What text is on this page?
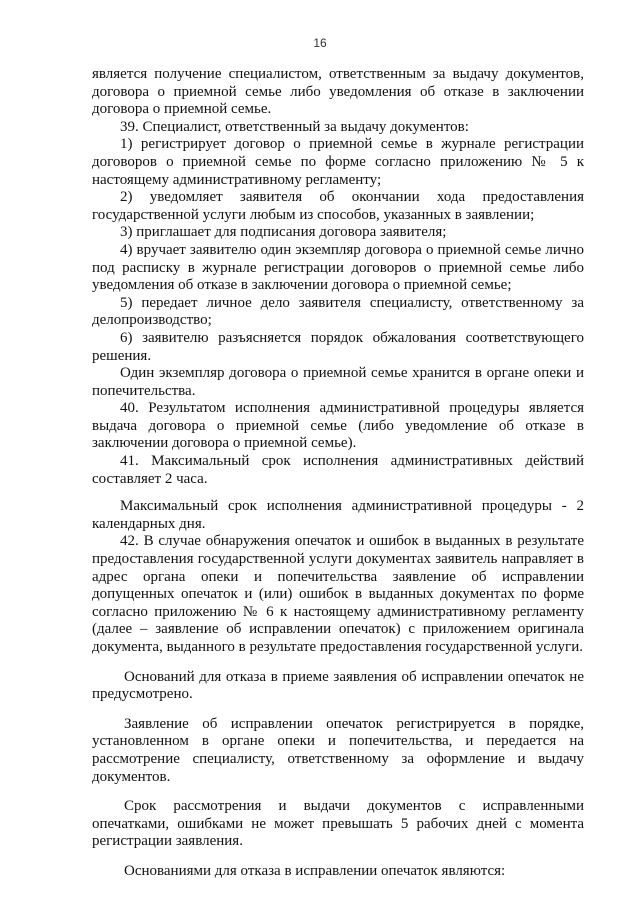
16

является получение специалистом, ответственным за выдачу документов, договора о приемной семье либо уведомления об отказе в заключении договора о приемной семье.

39. Специалист, ответственный за выдачу документов:

1) регистрирует договор о приемной семье в журнале регистрации договоров о приемной семье по форме согласно приложению № 5 к настоящему административному регламенту;

2) уведомляет заявителя об окончании хода предоставления государственной услуги любым из способов, указанных в заявлении;

3) приглашает для подписания договора заявителя;

4) вручает заявителю один экземпляр договора о приемной семье лично под расписку в журнале регистрации договоров о приемной семье либо уведомления об отказе в заключении договора о приемной семье;

5) передает личное дело заявителя специалисту, ответственному за делопроизводство;

6) заявителю разъясняется порядок обжалования соответствующего решения.

Один экземпляр договора о приемной семье хранится в органе опеки и попечительства.

40. Результатом исполнения административной процедуры является выдача договора о приемной семье (либо уведомление об отказе в заключении договора о приемной семье).

41. Максимальный срок исполнения административных действий составляет 2 часа.

Максимальный срок исполнения административной процедуры - 2 календарных дня.

42. В случае обнаружения опечаток и ошибок в выданных в результате предоставления государственной услуги документах заявитель направляет в адрес органа опеки и попечительства заявление об исправлении допущенных опечаток и (или) ошибок в выданных документах по форме согласно приложению № 6 к настоящему административному регламенту (далее – заявление об исправлении опечаток) с приложением оригинала документа, выданного в результате предоставления государственной услуги.

Оснований для отказа в приеме заявления об исправлении опечаток не предусмотрено.

Заявление об исправлении опечаток регистрируется в порядке, установленном в органе опеки и попечительства, и передается на рассмотрение специалисту, ответственному за оформление и выдачу документов.

Срок рассмотрения и выдачи документов с исправленными опечатками, ошибками не может превышать 5 рабочих дней с момента регистрации заявления.

Основаниями для отказа в исправлении опечаток являются:
